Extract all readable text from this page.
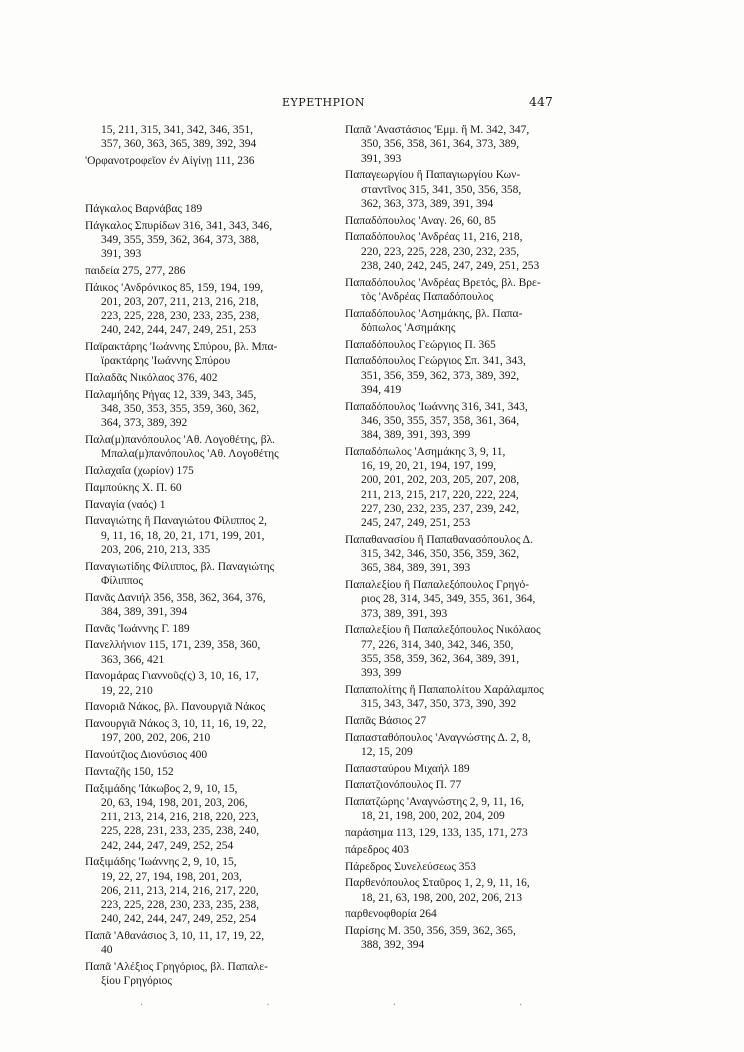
ΕΥΡΕΤΗΡΙΟΝ	447
15, 211, 315, 341, 342, 346, 351,
357, 360, 363, 365, 389, 392, 394
'Ορφανοτροφεῖον ἐν Αἰγίνῃ 111, 236
Πάγκαλος Βαρνάβας 189
Πάγκαλος Σπυρίδων 316, 341, 343, 346,
349, 355, 359, 362, 364, 373, 388,
391, 393
παιδεία 275, 277, 286
Πάικος 'Ανδρόνικος 85, 159, 194, 199,
201, 203, 207, 211, 213, 216, 218,
223, 225, 228, 230, 233, 235, 238,
240, 242, 244, 247, 249, 251, 253
Παϊρακτάρης 'Ιωάννης Σπύρου, βλ. Μπα-
ϊρακτάρης 'Ιωάννης Σπύρου
Παλαδᾶς Νικόλαος 376, 402
Παλαμήδης Ρήγας 12, 339, 343, 345,
348, 350, 353, 355, 359, 360, 362,
364, 373, 389, 392
Παλα(μ)πανόπουλος 'Αθ. Λογοθέτης, βλ.
Μπαλα(μ)πανόπουλος 'Αθ. Λογοθέτης
Παλαχαΐα (χωρίον) 175
Παμπούκης Χ. Π. 60
Παναγία (ναός) 1
Παναγιώτης ἢ Παναγιώτου Φίλιππος 2,
9, 11, 16, 18, 20, 21, 171, 199, 201,
203, 206, 210, 213, 335
Παναγιωτίδης Φίλιππος, βλ. Παναγιώτης
Φίλιππος
Πανᾶς Δανιήλ 356, 358, 362, 364, 376,
384, 389, 391, 394
Πανᾶς 'Ιωάννης Γ. 189
Πανελλήνιον 115, 171, 239, 358, 360,
363, 366, 421
Πανομάρας Γιαννοῦς(ς) 3, 10, 16, 17,
19, 22, 210
Πανοριᾶ Νάκος, βλ. Πανουργιᾶ Νάκος
Πανουργιᾶ Νάκος 3, 10, 11, 16, 19, 22,
197, 200, 202, 206, 210
Πανούτζιος Διονύσιος 400
Πανταζῆς 150, 152
Παξιμάδης 'Ιάκωβος 2, 9, 10, 15,
20, 63, 194, 198, 201, 203, 206,
211, 213, 214, 216, 218, 220, 223,
225, 228, 231, 233, 235, 238, 240,
242, 244, 247, 249, 252, 254
Παξιμάδης 'Ιωάννης 2, 9, 10, 15,
19, 22, 27, 194, 198, 201, 203,
206, 211, 213, 214, 216, 217, 220,
223, 225, 228, 230, 233, 235, 238,
240, 242, 244, 247, 249, 252, 254
Παπᾶ 'Αθανάσιος 3, 10, 11, 17, 19, 22,
40
Παπᾶ 'Αλέξιος Γρηγόριος, βλ. Παπαλε-
ξίου Γρηγόριος
Παπᾶ 'Αναστάσιος 'Εμμ. ἢ Μ. 342, 347,
350, 356, 358, 361, 364, 373, 389,
391, 393
Παπαγεωργίου ἢ Παπαγιωργίου Κων-
σταντῖνος 315, 341, 350, 356, 358,
362, 363, 373, 389, 391, 394
Παπαδόπουλος 'Αναγ. 26, 60, 85
Παπαδόπουλος 'Ανδρέας 11, 216, 218,
220, 223, 225, 228, 230, 232, 235,
238, 240, 242, 245, 247, 249, 251, 253
Παπαδόπουλος 'Ανδρέας Βρετός, βλ. Βρε-
τὸς 'Ανδρέας Παπαδόπουλος
Παπαδόπουλος 'Ασημάκης, βλ. Παπα-
δόπωλος 'Ασημάκης
Παπαδόπουλος Γεώργιος Π. 365
Παπαδόπουλος Γεώργιος Σπ. 341, 343,
351, 356, 359, 362, 373, 389, 392,
394, 419
Παπαδόπουλος 'Ιωάννης 316, 341, 343,
346, 350, 355, 357, 358, 361, 364,
384, 389, 391, 393, 399
Παπαδόπωλος 'Ασημάκης 3, 9, 11,
16, 19, 20, 21, 194, 197, 199,
200, 201, 202, 203, 205, 207, 208,
211, 213, 215, 217, 220, 222, 224,
227, 230, 232, 235, 237, 239, 242,
245, 247, 249, 251, 253
Παπαθανασίου ἢ Παπαθανασόπουλος Δ.
315, 342, 346, 350, 356, 359, 362,
365, 384, 389, 391, 393
Παπαλεξίου ἢ Παπαλεξόπουλος Γρηγό-
ριος 28, 314, 345, 349, 355, 361, 364,
373, 389, 391, 393
Παπαλεξίου ἢ Παπαλεξόπουλος Νικόλαος
77, 226, 314, 340, 342, 346, 350,
355, 358, 359, 362, 364, 389, 391,
393, 399
Παπαπολίτης ἢ Παπαπολίτου Χαράλαμπος
315, 343, 347, 350, 373, 390, 392
Παπᾶς Βάσιος 27
Παπασταθόπουλος 'Αναγνώστης Δ. 2, 8,
12, 15, 209
Παπασταύρου Μιχαήλ 189
Παπατζιονόπουλος Π. 77
Παπατζώρης 'Αναγνώστης 2, 9, 11, 16,
18, 21, 198, 200, 202, 204, 209
παράσημα 113, 129, 133, 135, 171, 273
πάρεδρος 403
Πάρεδρος Συνελεύσεως 353
Παρθενόπουλος Σταῦρος 1, 2, 9, 11, 16,
18, 21, 63, 198, 200, 202, 206, 213
παρθενοφθορία 264
Παρίσης Μ. 350, 356, 359, 362, 365,
388, 392, 394
· · · ·
